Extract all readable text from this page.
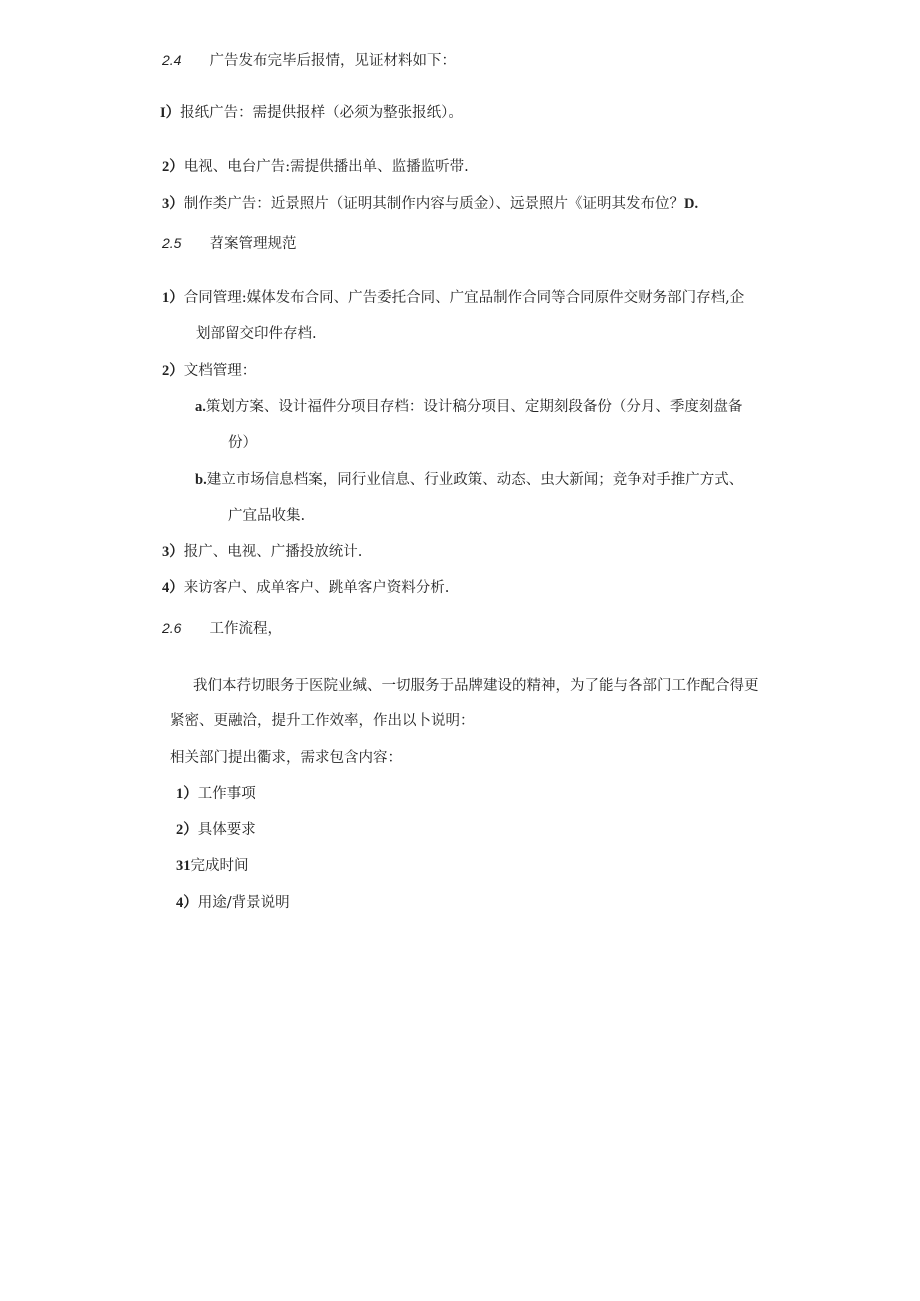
2.4 广告发布完毕后报情，见证材料如下：
I）报纸广告：需提供报样（必须为整张报纸）。
2）电视、电台广告:需提供播出单、监播监听带.
3）制作类广告：近景照片（证明其制作内容与质金）、远景照片《证明其发布位？D.
2.5 苕案管理规范
1）合同管理:媒体发布合同、广告委托合同、广宜品制作合同等合同原件交财务部门存档,企
划部留交印件存档.
2）文档管理：
a.策划方案、设计福件分项目存档：设计稿分项目、定期刻段备份（分月、季度刻盘备
份）
b.建立市场信息档案，同行业信息、行业政策、动态、虫大新闻；竞争对手推广方式、
广宜品收集.
3）报广、电视、广播投放统计.
4）来访客户、成单客户、跳单客户资料分析.
2.6 工作流程，
我们本荇切眼务于医院业缄、一切服务于品牌建设的精神，为了能与各部门工作配合得更
紧密、更融洽，提升工作效率，作出以卜说明：
相关部门提出衢求，需求包含内容：
1）工作事项
2）具体要求
31完成时间
4）用途/背景说明
